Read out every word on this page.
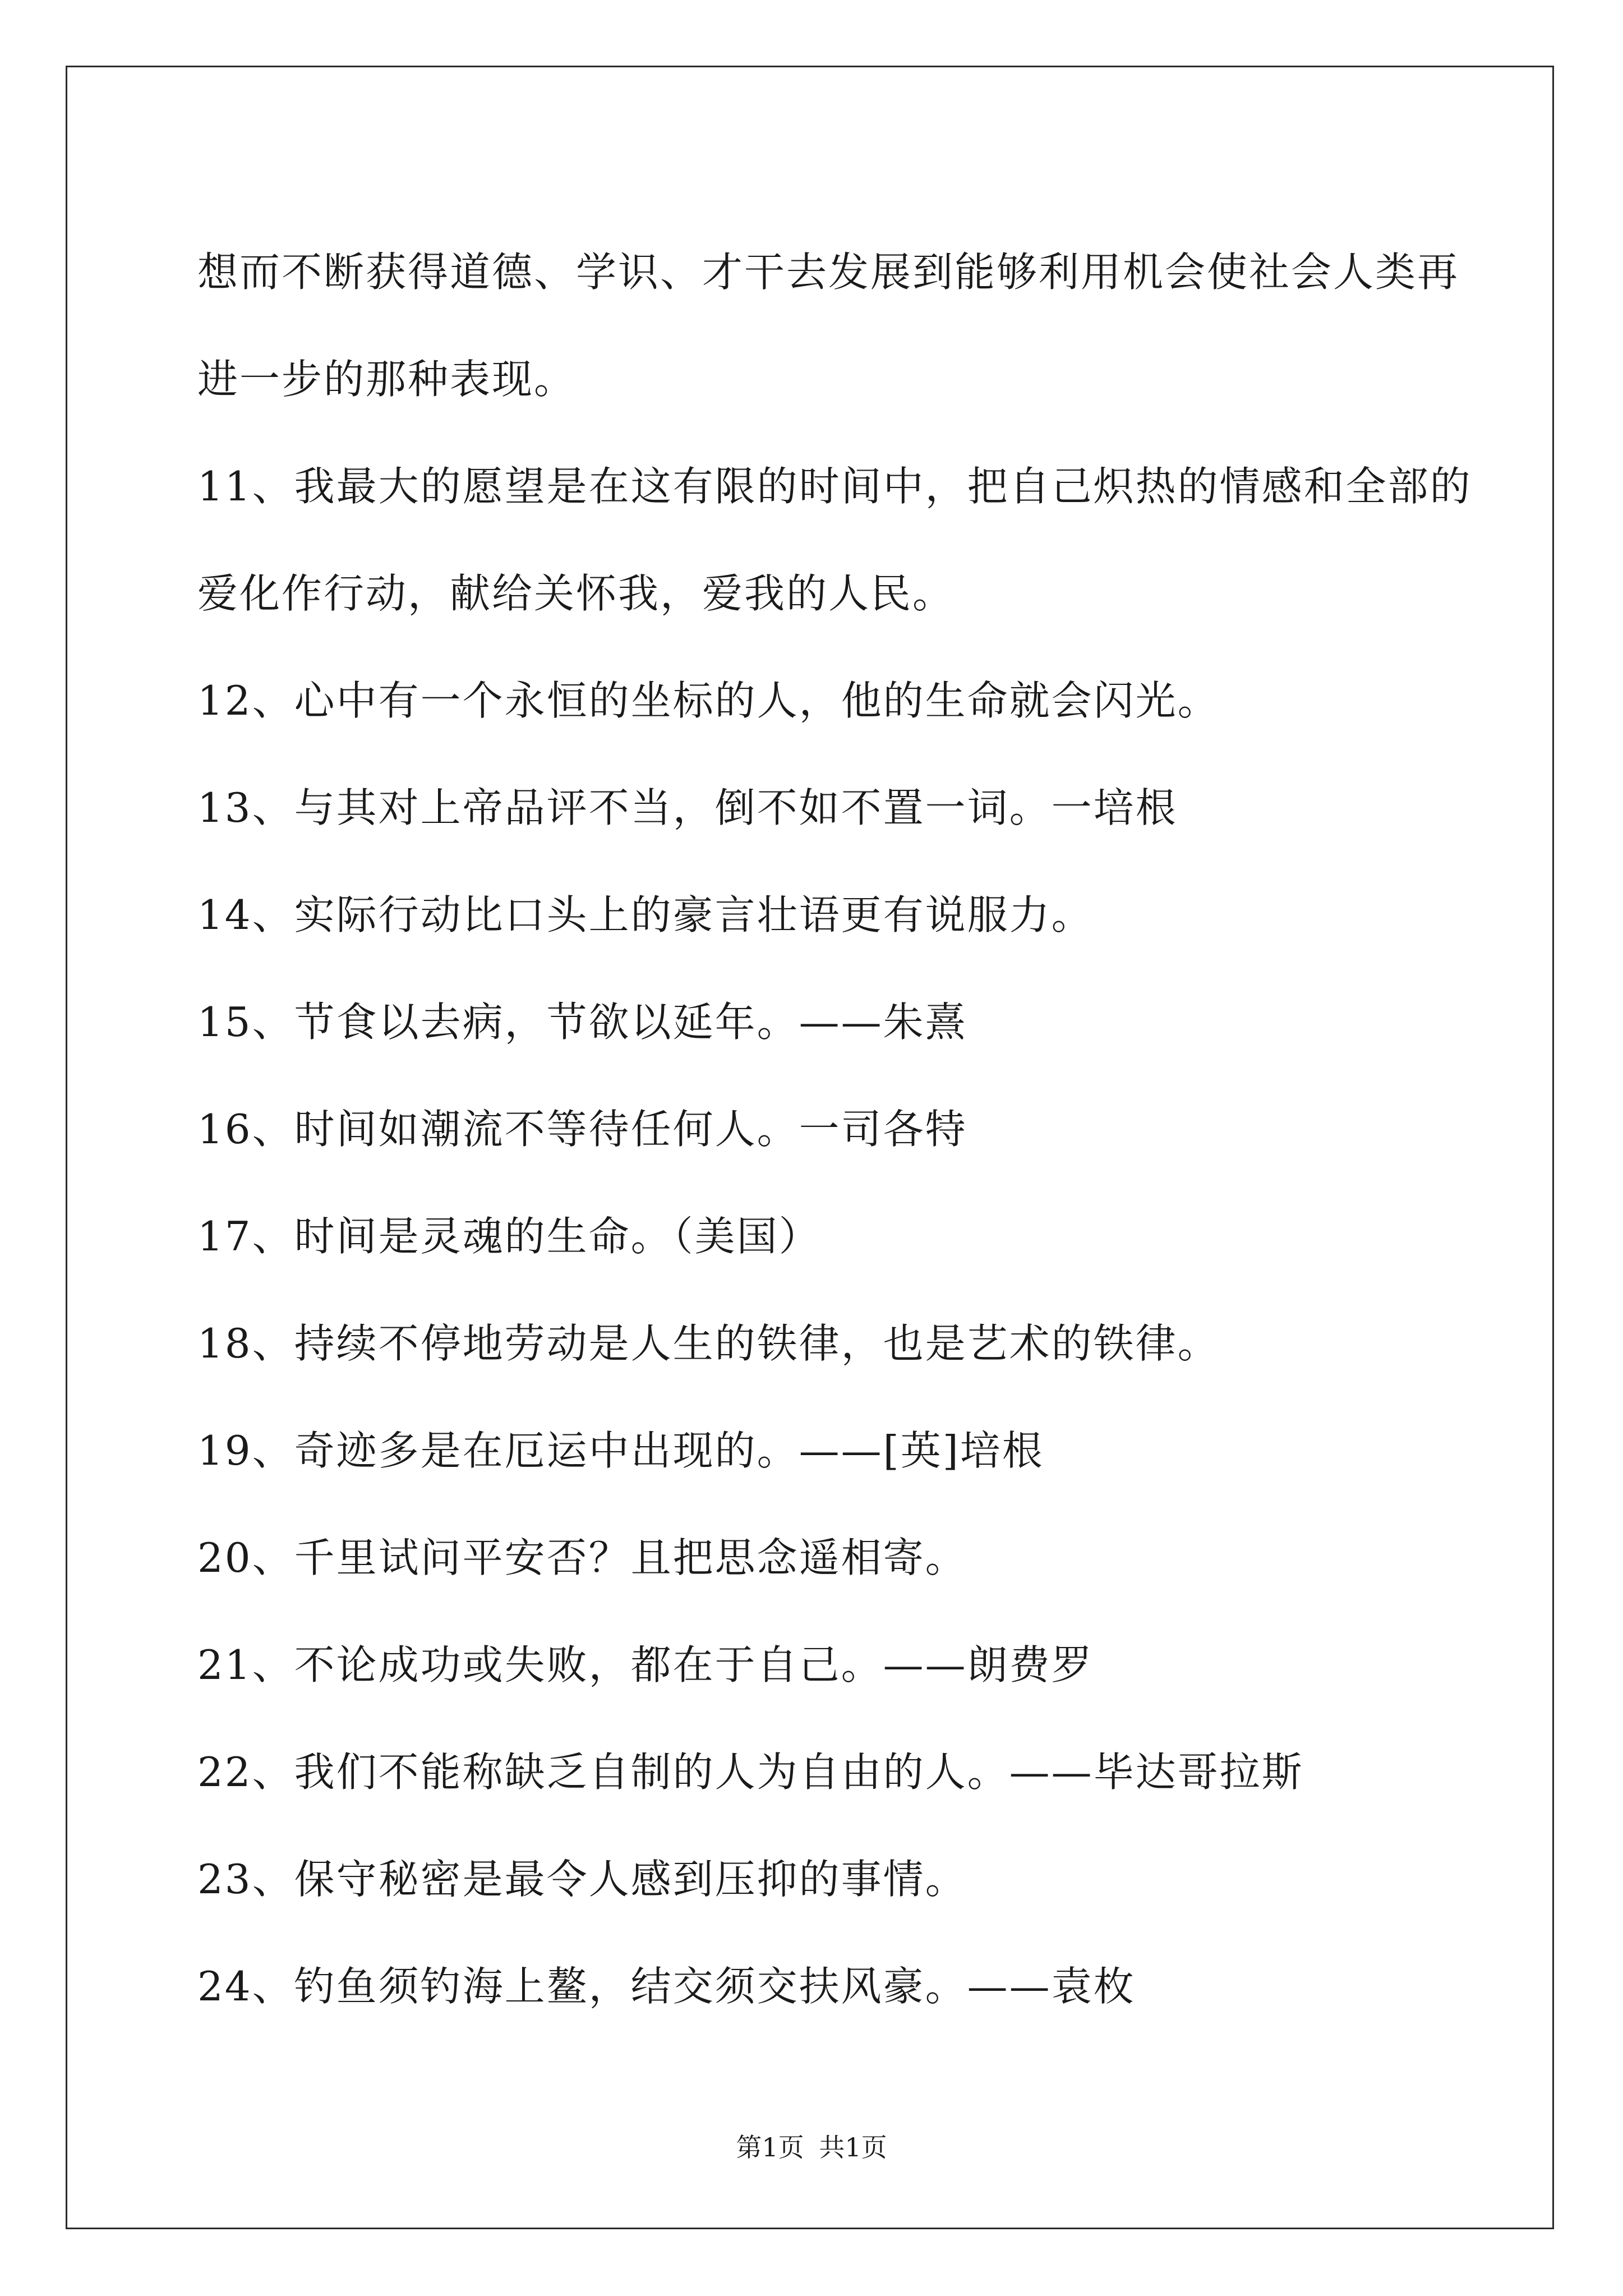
想而不断获得道德、学识、才干去发展到能够利用机会使社会人类再
进一步的那种表现。
11、我最大的愿望是在这有限的时间中，把自己炽热的情感和全部的
爱化作行动，献给关怀我，爱我的人民。
12、心中有一个永恒的坐标的人，他的生命就会闪光。
13、与其对上帝品评不当，倒不如不置一词。一培根
14、实际行动比口头上的豪言壮语更有说服力。
15、节食以去病，节欲以延年。——朱熹
16、时间如潮流不等待任何人。一司各特
17、时间是灵魂的生命。（美国）
18、持续不停地劳动是人生的铁律，也是艺术的铁律。
19、奇迹多是在厄运中出现的。——[英]培根
20、千里试问平安否？且把思念遥相寄。
21、不论成功或失败，都在于自己。——朗费罗
22、我们不能称缺乏自制的人为自由的人。——毕达哥拉斯
23、保守秘密是最令人感到压抑的事情。
24、钓鱼须钓海上鳌，结交须交扶风豪。——袁枚
第1页 共1页
